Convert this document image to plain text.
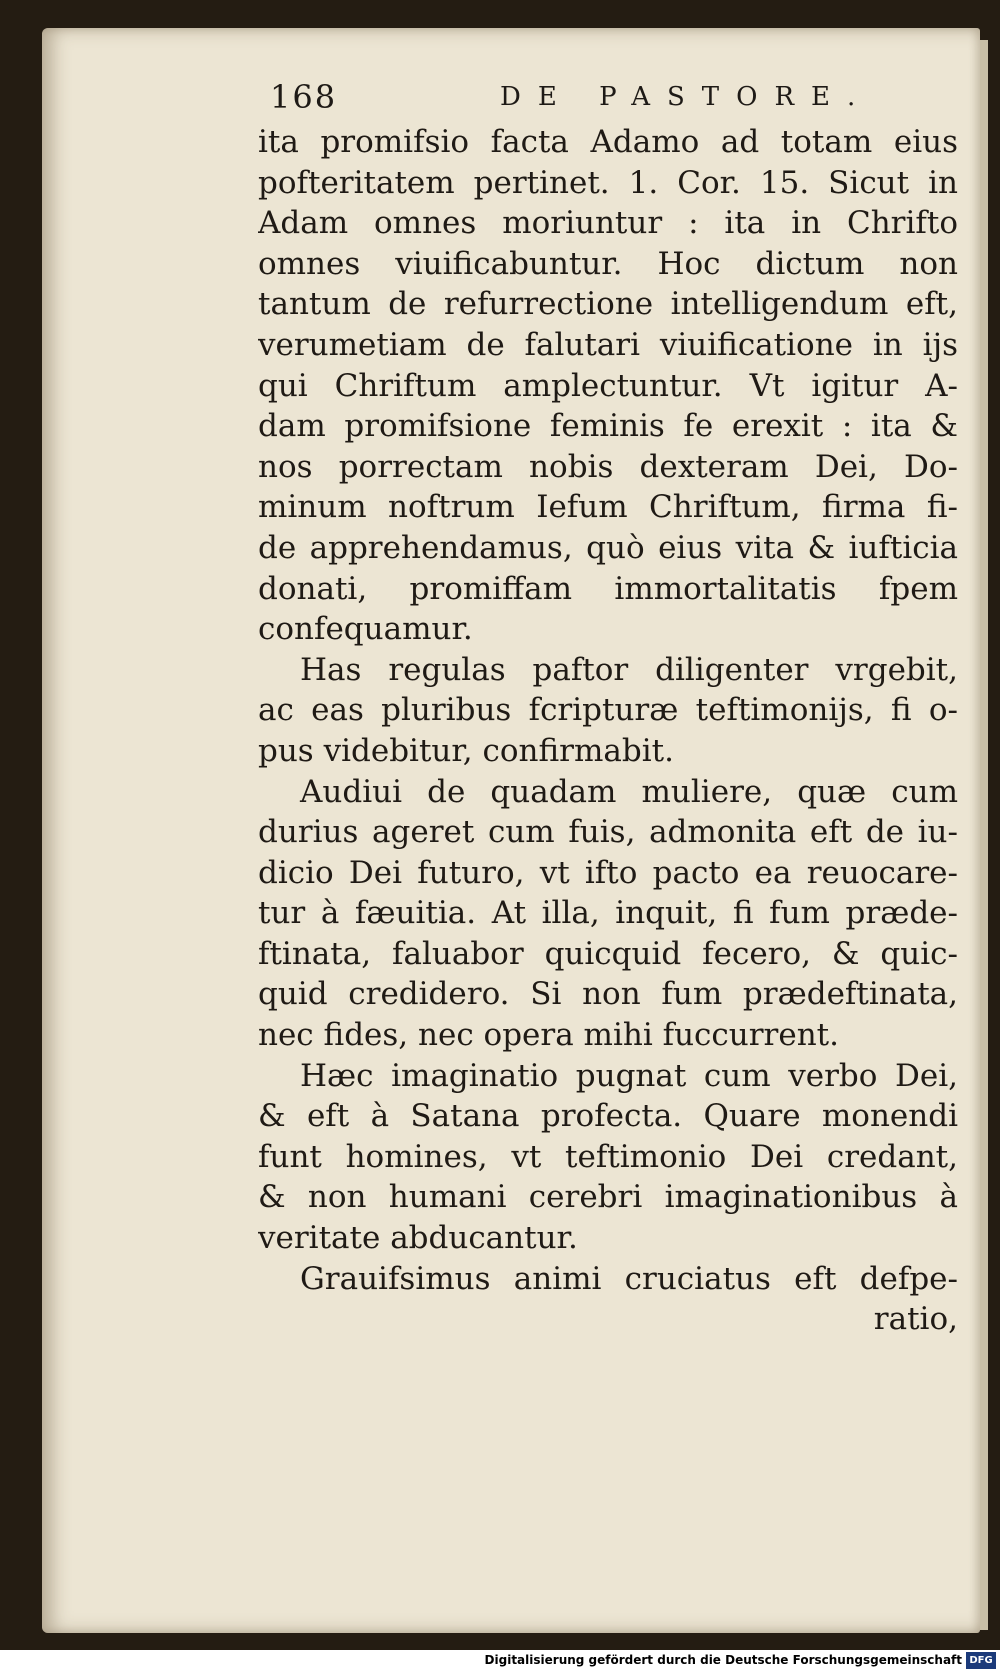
168	DE PASTORE.
ita promifsio facta Adamo ad totam eius
pofteritatem pertinet. 1. Cor. 15. Sicut in
Adam omnes moriuntur : ita in Chrifto
omnes viuificabuntur. Hoc dictum non
tantum de refurrectione intelligendum eft,
verumetiam de falutari viuificatione in ijs
qui Chriftum amplectuntur. Vt igitur A-
dam promifsione feminis fe erexit : ita &
nos porrectam nobis dexteram Dei, Do-
minum noftrum Iefum Chriftum, firma fi-
de apprehendamus, quò eius vita & iufticia
donati, promiffam immortalitatis fpem
confequamur.
Has regulas paftor diligenter vrgebit,
ac eas pluribus fcripturæ teftimonijs, fi o-
pus videbitur, confirmabit.
Audiui de quadam muliere, quæ cum
durius ageret cum fuis, admonita eft de iu-
dicio Dei futuro, vt ifto pacto ea reuocare-
tur à fæuitia. At illa, inquit, fi fum præde-
ftinata, faluabor quicquid fecero, & quic-
quid credidero. Si non fum prædeftinata,
nec fides, nec opera mihi fuccurrent.
Hæc imaginatio pugnat cum verbo Dei,
& eft à Satana profecta. Quare monendi
funt homines, vt teftimonio Dei credant,
& non humani cerebri imaginationibus à
veritate abducantur.
Grauifsimus animi cruciatus eft defpe-
ratio,
Digitalisierung gefördert durch die Deutsche Forschungsgemeinschaft DFG
